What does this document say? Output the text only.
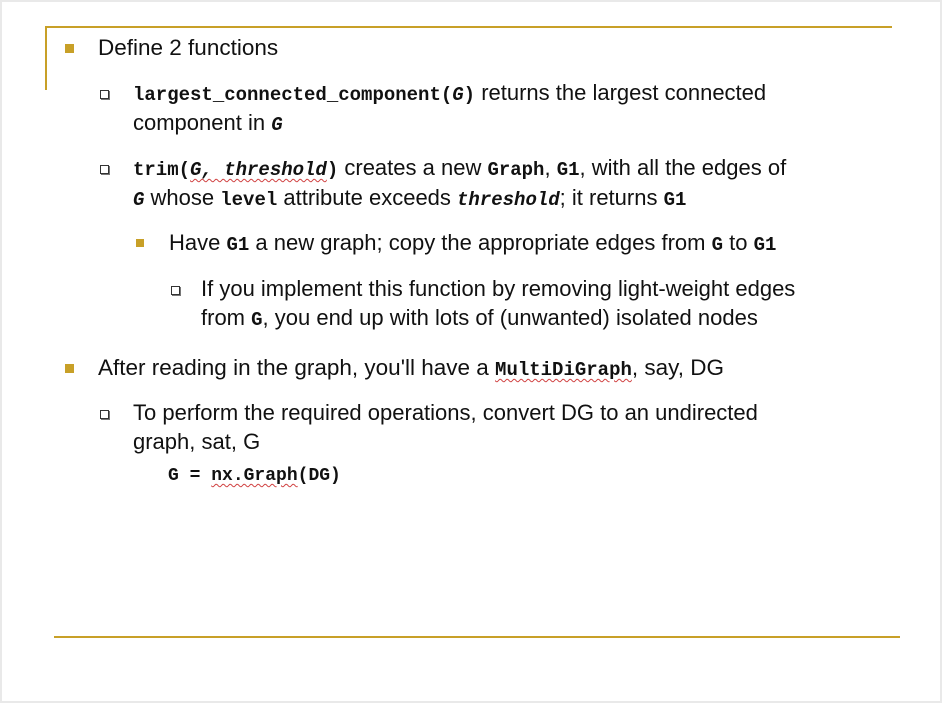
Define 2 functions
largest_connected_component(G) returns the largest connected
component in G
trim(G, threshold) creates a new Graph, G1, with all the edges of
G whose level attribute exceeds threshold; it returns G1
Have G1 a new graph; copy the appropriate edges from G to G1
If you implement this function by removing light-weight edges
from G, you end up with lots of (unwanted) isolated nodes
After reading in the graph, you'll have a MultiDiGraph, say, DG
To perform the required operations, convert DG to an undirected
graph, sat, G
G = nx.Graph(DG)
